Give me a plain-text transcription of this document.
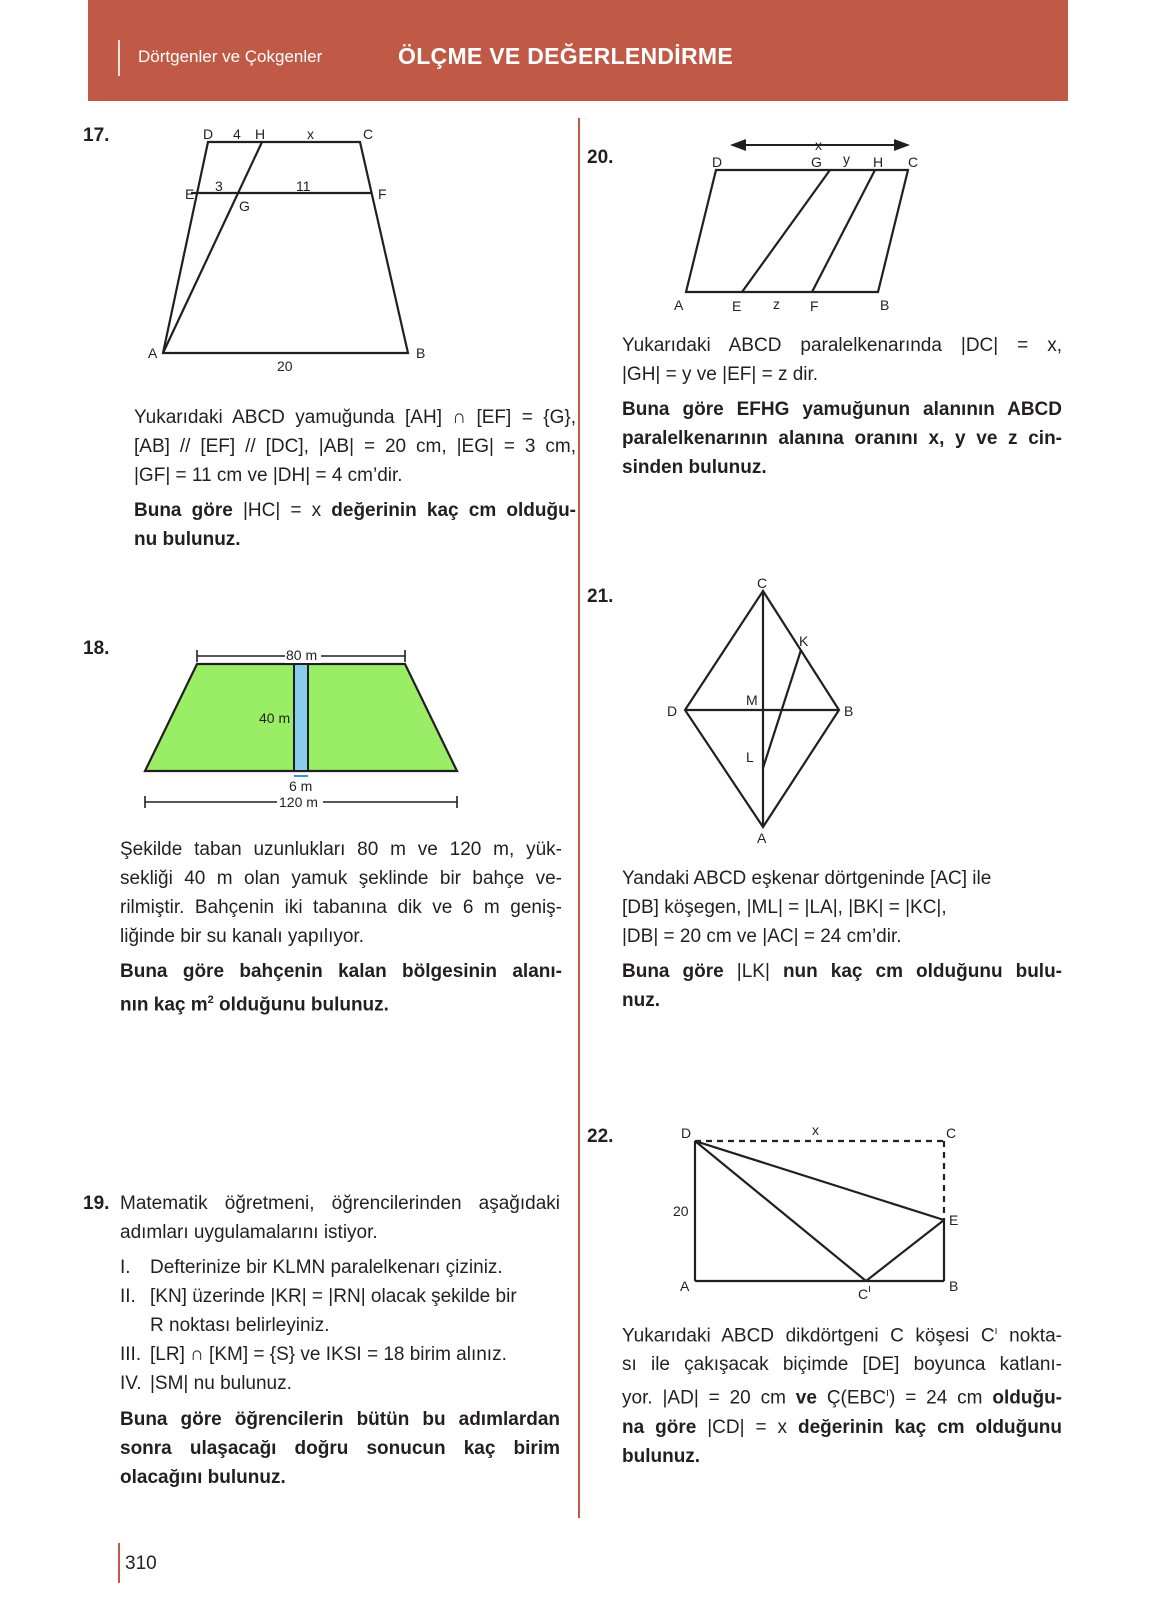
Dörtgenler ve Çokgenler	ÖLÇME VE DEĞERLENDİRME
17.	D 4 H	x	C
E 3	11	F
G
A	B
20

Yukarıdaki ABCD yamuğunda [AH] ∩ [EF] = {G},

[AB] // [EF] // [DC], |AB| = 20 cm, |EG| = 3 cm,

|GF| = 11 cm ve |DH| = 4 cm’dir.

Buna göre |HC| = x değerinin kaç cm olduğu-

nu bulunuz.

18.	80 m
40 m
6 m
120 m

Şekilde taban uzunlukları 80 m ve 120 m, yük-

sekliği 40 m olan yamuk şeklinde bir bahçe ve-

rilmiştir. Bahçenin iki tabanına dik ve 6 m geniş-

liğinde bir su kanalı yapılıyor.

Buna göre bahçenin kalan bölgesinin alanı-

nın kaç $m^2$ olduğunu bulunuz.

19. Matematik öğretmeni, öğrencilerinden aşağıdaki

adımları uygulamalarını istiyor.

I. Defterinize bir KLMN paralelkenarı çiziniz.
II. [KN] üzerinde |KR| = |RN| olacak şekilde bir
R noktası belirleyiniz.
III. [LR] ∩ [KM] = {S} ve IKSI = 18 birim alınız.
IV. |SM| nu bulunuz.

Buna göre öğrencilerin bütün bu adımlardan

sonra ulaşacağı doğru sonucun kaç birim

olacağını bulunuz.

20.	D	G
x
y H C
A	E z F	B

Yukarıdaki ABCD paralelkenarında |DC| = x,

|GH| = y ve |EF| = z dir.

Buna göre EFHG yamuğunun alanının ABCD

paralelkenarının alanına oranını x, y ve z cin-

sinden bulunuz.

21.
C
K
D
M
B
L
A

Yandaki ABCD eşkenar dörtgeninde [AC] ile

[DB] köşegen, |ML| = |LA|, |BK| = |KC|,

|DB| = 20 cm ve |AC| = 24 cm’dir.

Buna göre |LK| nun kaç cm olduğunu bulu-

nuz.

22.	D	x	C
20
E
A	C ı	B

Yukarıdaki ABCD dikdörtgeni C köşesi $C^ı$ nokta-

sı ile çakışacak biçimde [DE] boyunca katlanı-

yor. |AD| = 20 cm ve $Ç(EBC^ı) = 24$ cm olduğu-

na göre |CD| = x değerinin kaç cm olduğunu

bulunuz.

310
